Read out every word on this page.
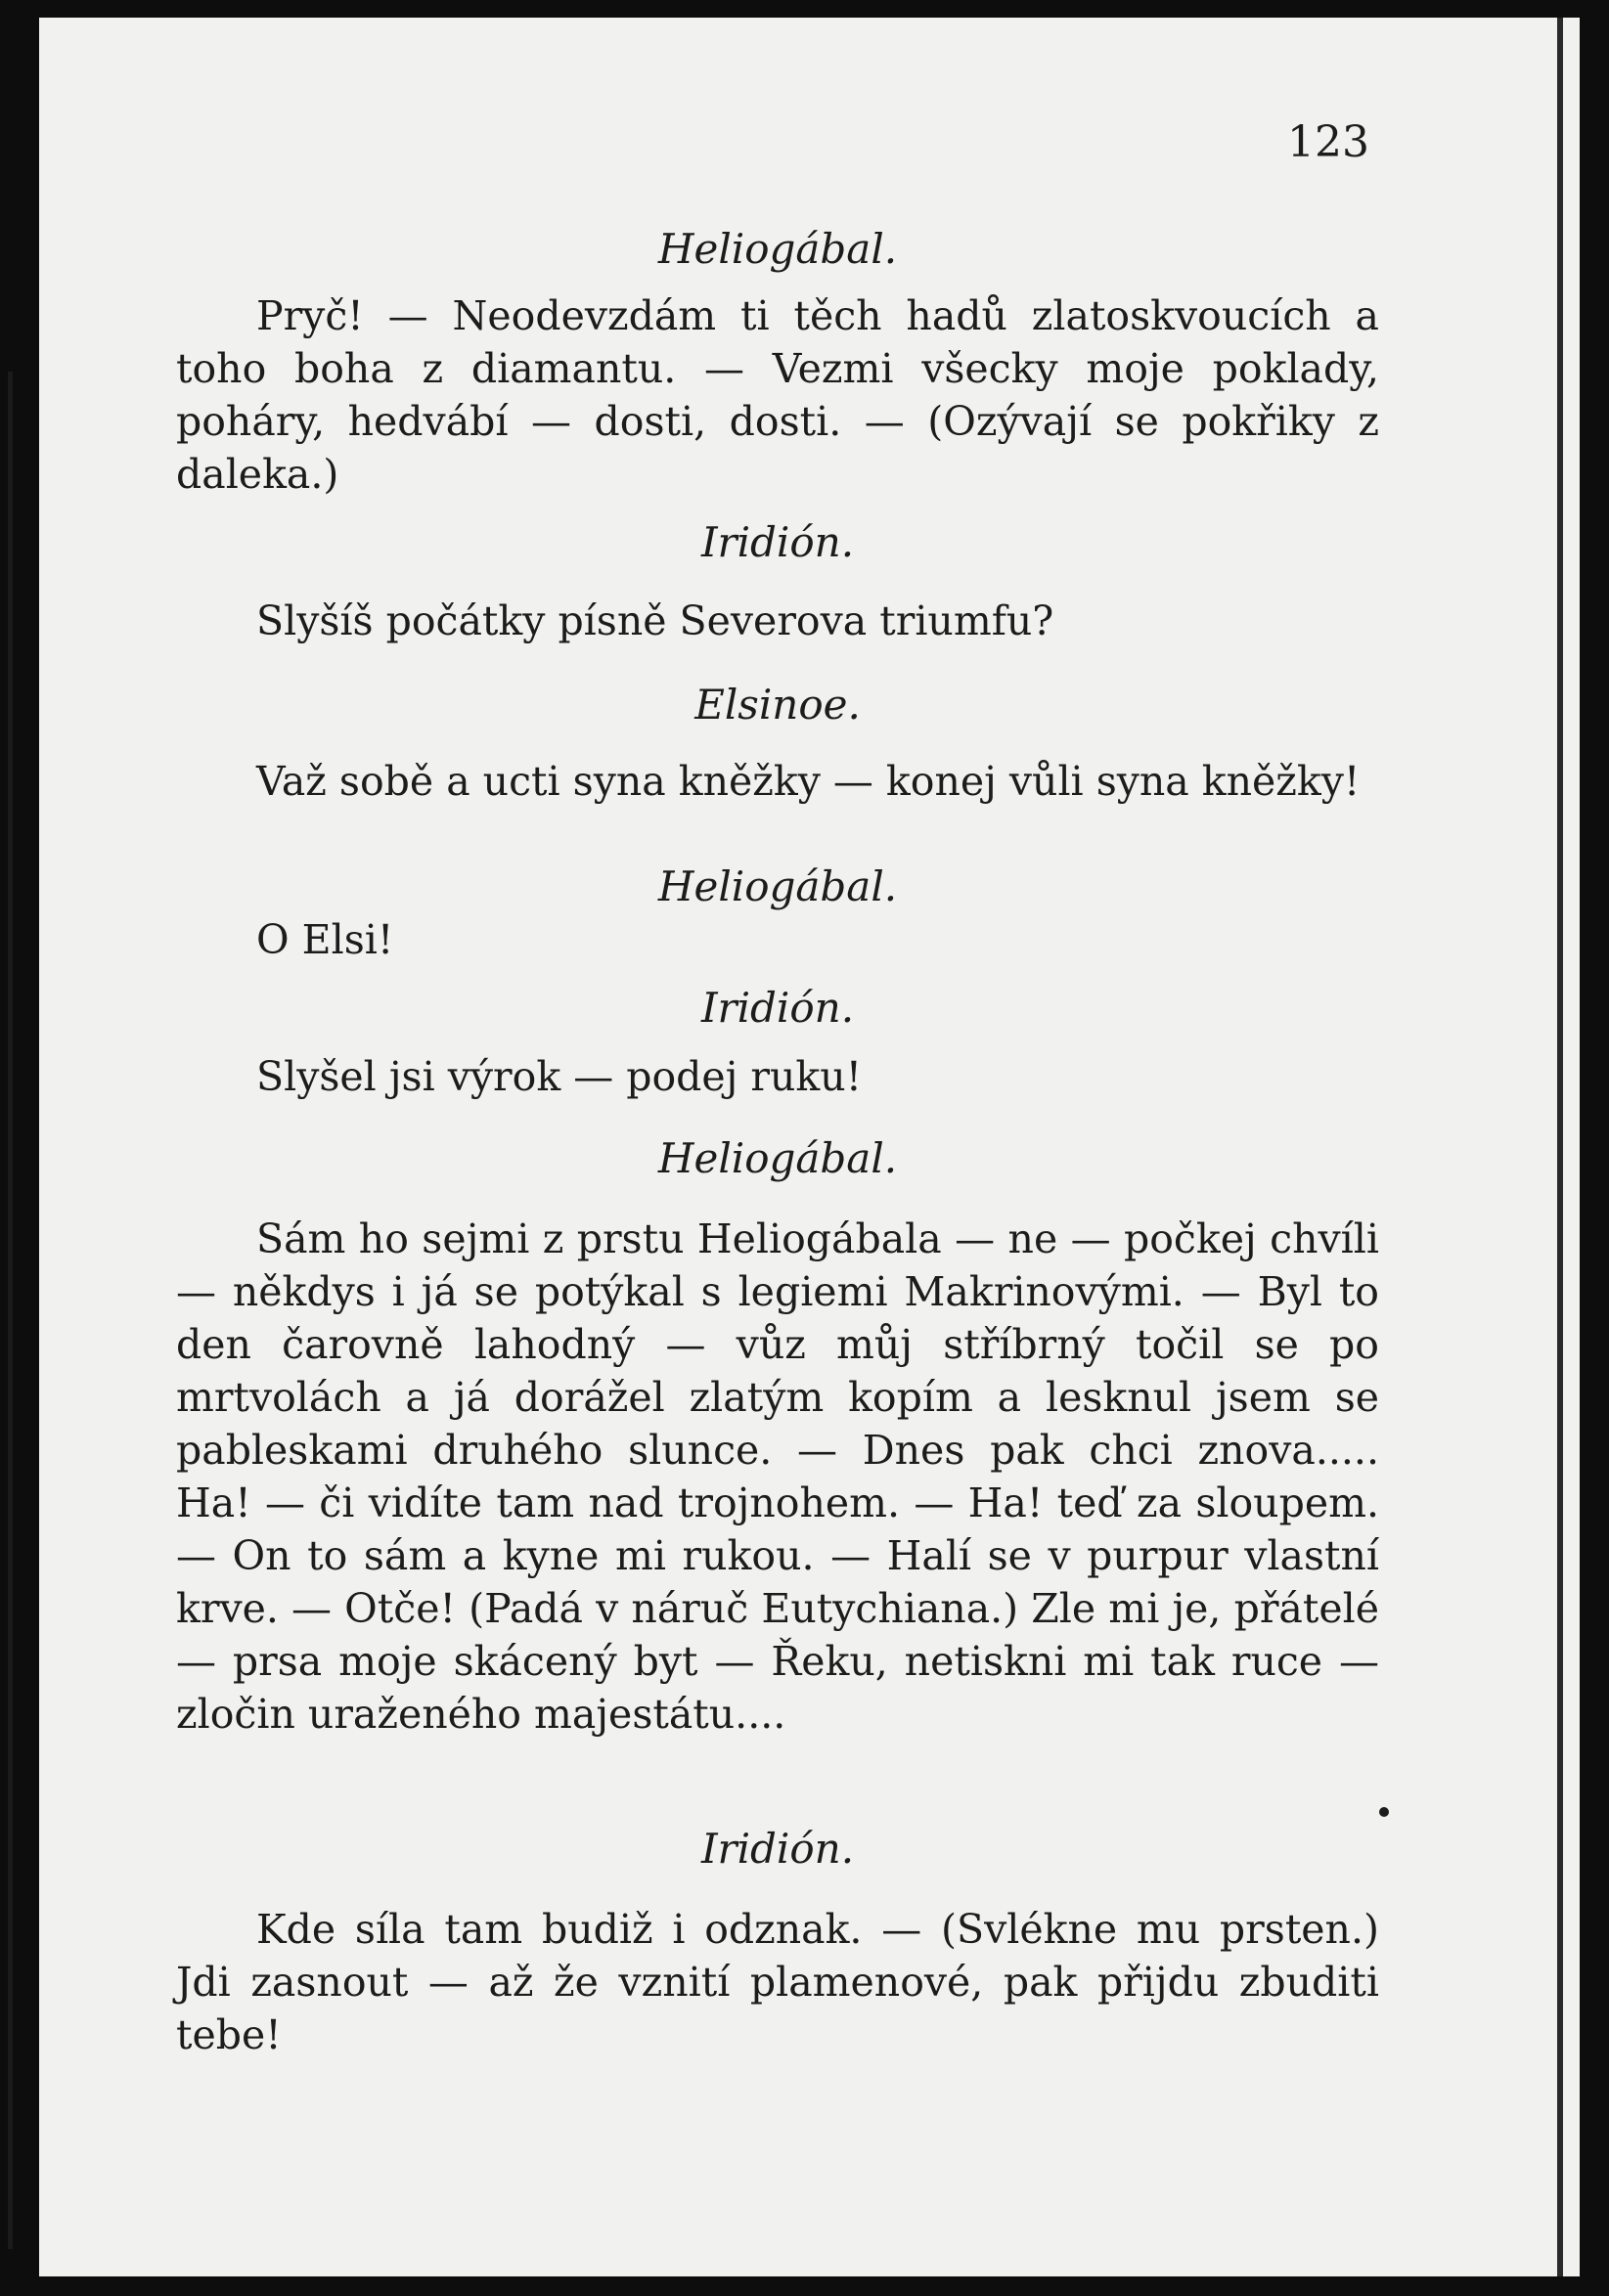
123
Heliogábal.

Pryč! — Neodevzdám ti těch hadů zlatoskvoucích a toho boha z diamantu. — Vezmi všecky moje poklady, poháry, hedvábí — dosti, dosti. — (Ozývají se pokřiky z daleka.)

Iridión.
Slyšíš počátky písně Severova triumfu?
Elsinoe.

Važ sobě a ucti syna kněžky — konej vůli syna kněžky!

Heliogábal.
O Elsi!
Iridión.
Slyšel jsi výrok — podej ruku!
Heliogábal.

Sám ho sejmi z prstu Heliogábala — ne — počkej chvíli — někdys i já se potýkal s legiemi Makrinovými. — Byl to den čarovně lahodný — vůz můj stříbrný točil se po mrtvolách a já dorážel zlatým kopím a lesknul jsem se pableskami druhého slunce. — Dnes pak chci znova..... Ha! — či vidíte tam nad trojnohem. — Ha! teď za sloupem. — On to sám a kyne mi rukou. — Halí se v purpur vlastní krve. — Otče! (Padá v náruč Eutychiana.) Zle mi je, přátelé — prsa moje skácený byt — Řeku, netiskni mi tak ruce — zločin uraženého majestátu....

Iridión.

Kde síla tam budiž i odznak. — (Svlékne mu prsten.) Jdi zasnout — až že vznití plamenové, pak přijdu zbuditi tebe!
